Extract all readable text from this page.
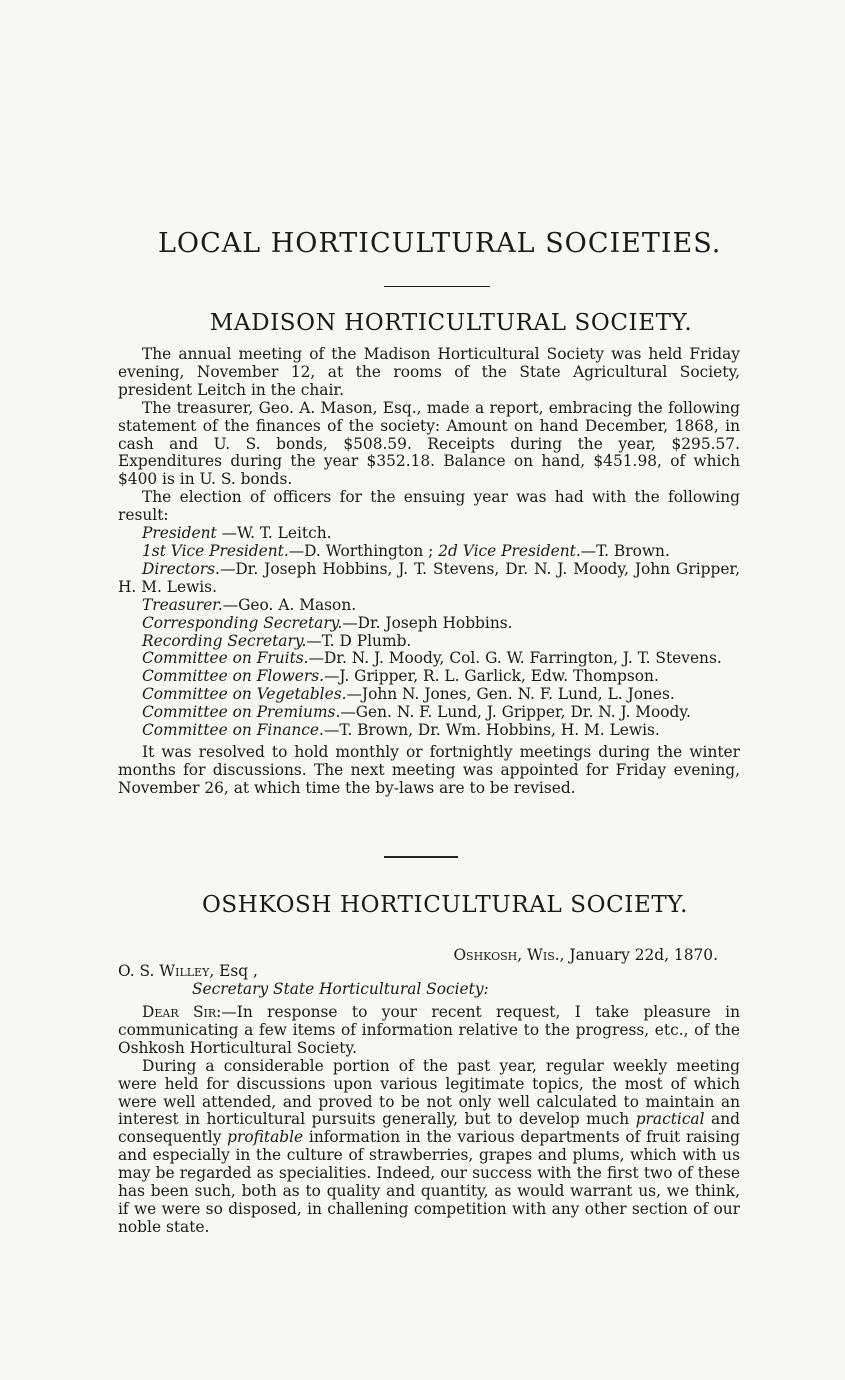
LOCAL HORTICULTURAL SOCIETIES.
MADISON HORTICULTURAL SOCIETY.

The annual meeting of the Madison Horticultural Society was held Friday evening, November 12, at the rooms of the State Agricultural Society, president Leitch in the chair.

The treasurer, Geo. A. Mason, Esq., made a report, embracing the following statement of the finances of the society: Amount on hand December, 1868, in cash and U. S. bonds, $508.59. Receipts during the year, $295.57. Expenditures during the year $352.18. Balance on hand, $451.98, of which $400 is in U. S. bonds.

The election of officers for the ensuing year was had with the following result:

President —W. T. Leitch.

1st Vice President.—D. Worthington ; 2d Vice President.—T. Brown.

Directors.—Dr. Joseph Hobbins, J. T. Stevens, Dr. N. J. Moody, John Gripper, H. M. Lewis.

Treasurer.—Geo. A. Mason.

Corresponding Secretary.—Dr. Joseph Hobbins.

Recording Secretary.—T. D Plumb.

Committee on Fruits.—Dr. N. J. Moody, Col. G. W. Farrington, J. T. Stevens.

Committee on Flowers.—J. Gripper, R. L. Garlick, Edw. Thompson.

Committee on Vegetables.—John N. Jones, Gen. N. F. Lund, L. Jones.

Committee on Premiums.—Gen. N. F. Lund, J. Gripper, Dr. N. J. Moody.

Committee on Finance.—T. Brown, Dr. Wm. Hobbins, H. M. Lewis.

It was resolved to hold monthly or fortnightly meetings during the winter months for discussions. The next meeting was appointed for Friday evening, November 26, at which time the by-laws are to be revised.

OSHKOSH HORTICULTURAL SOCIETY.
Oshkosh, Wis., January 22d, 1870.
O. S. Willey, Esq ,
Secretary State Horticultural Society:

Dear Sir:—In response to your recent request, I take pleasure in communicating a few items of information relative to the progress, etc., of the Oshkosh Horticultural Society.

During a considerable portion of the past year, regular weekly meeting were held for discussions upon various legitimate topics, the most of which were well attended, and proved to be not only well calculated to maintain an interest in horticultural pursuits generally, but to develop much practical and consequently profitable information in the various departments of fruit raising and especially in the culture of strawberries, grapes and plums, which with us may be regarded as specialities. Indeed, our success with the first two of these has been such, both as to quality and quantity, as would warrant us, we think, if we were so disposed, in challening competition with any other section of our noble state.
